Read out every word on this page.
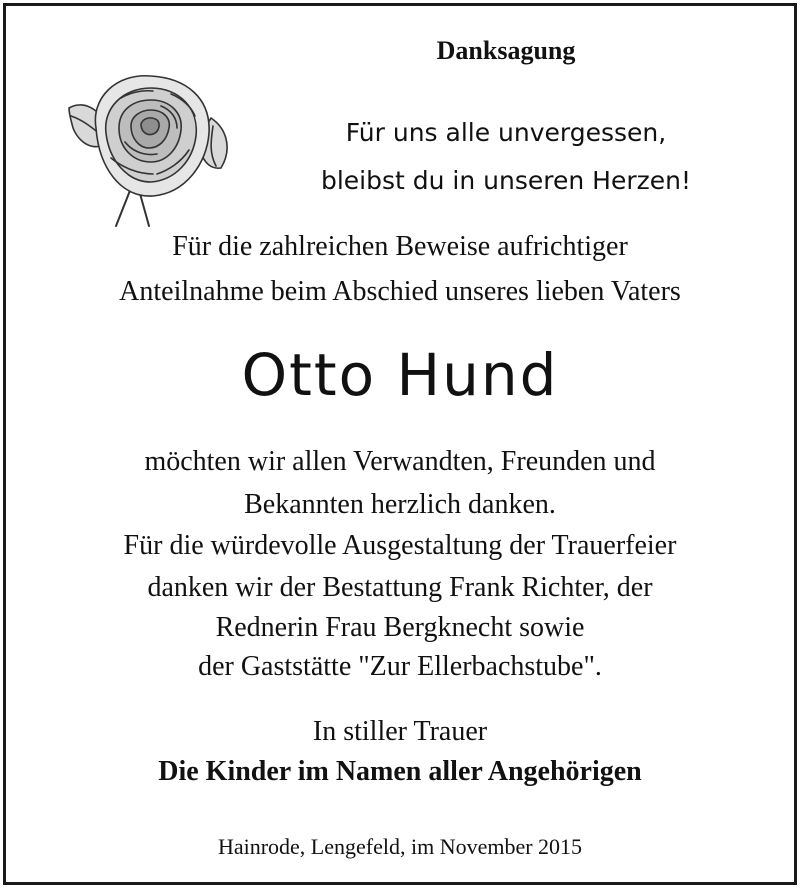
Danksagung
Für uns alle unvergessen,
bleibst du in unseren Herzen!
Für die zahlreichen Beweise aufrichtiger
Anteilnahme beim Abschied unseres lieben Vaters
Otto Hund
möchten wir allen Verwandten, Freunden und
Bekannten herzlich danken.
Für die würdevolle Ausgestaltung der Trauerfeier
danken wir der Bestattung Frank Richter, der
Rednerin Frau Bergknecht sowie
der Gaststätte "Zur Ellerbachstube".
In stiller Trauer
Die Kinder im Namen aller Angehörigen
Hainrode, Lengefeld, im November 2015
